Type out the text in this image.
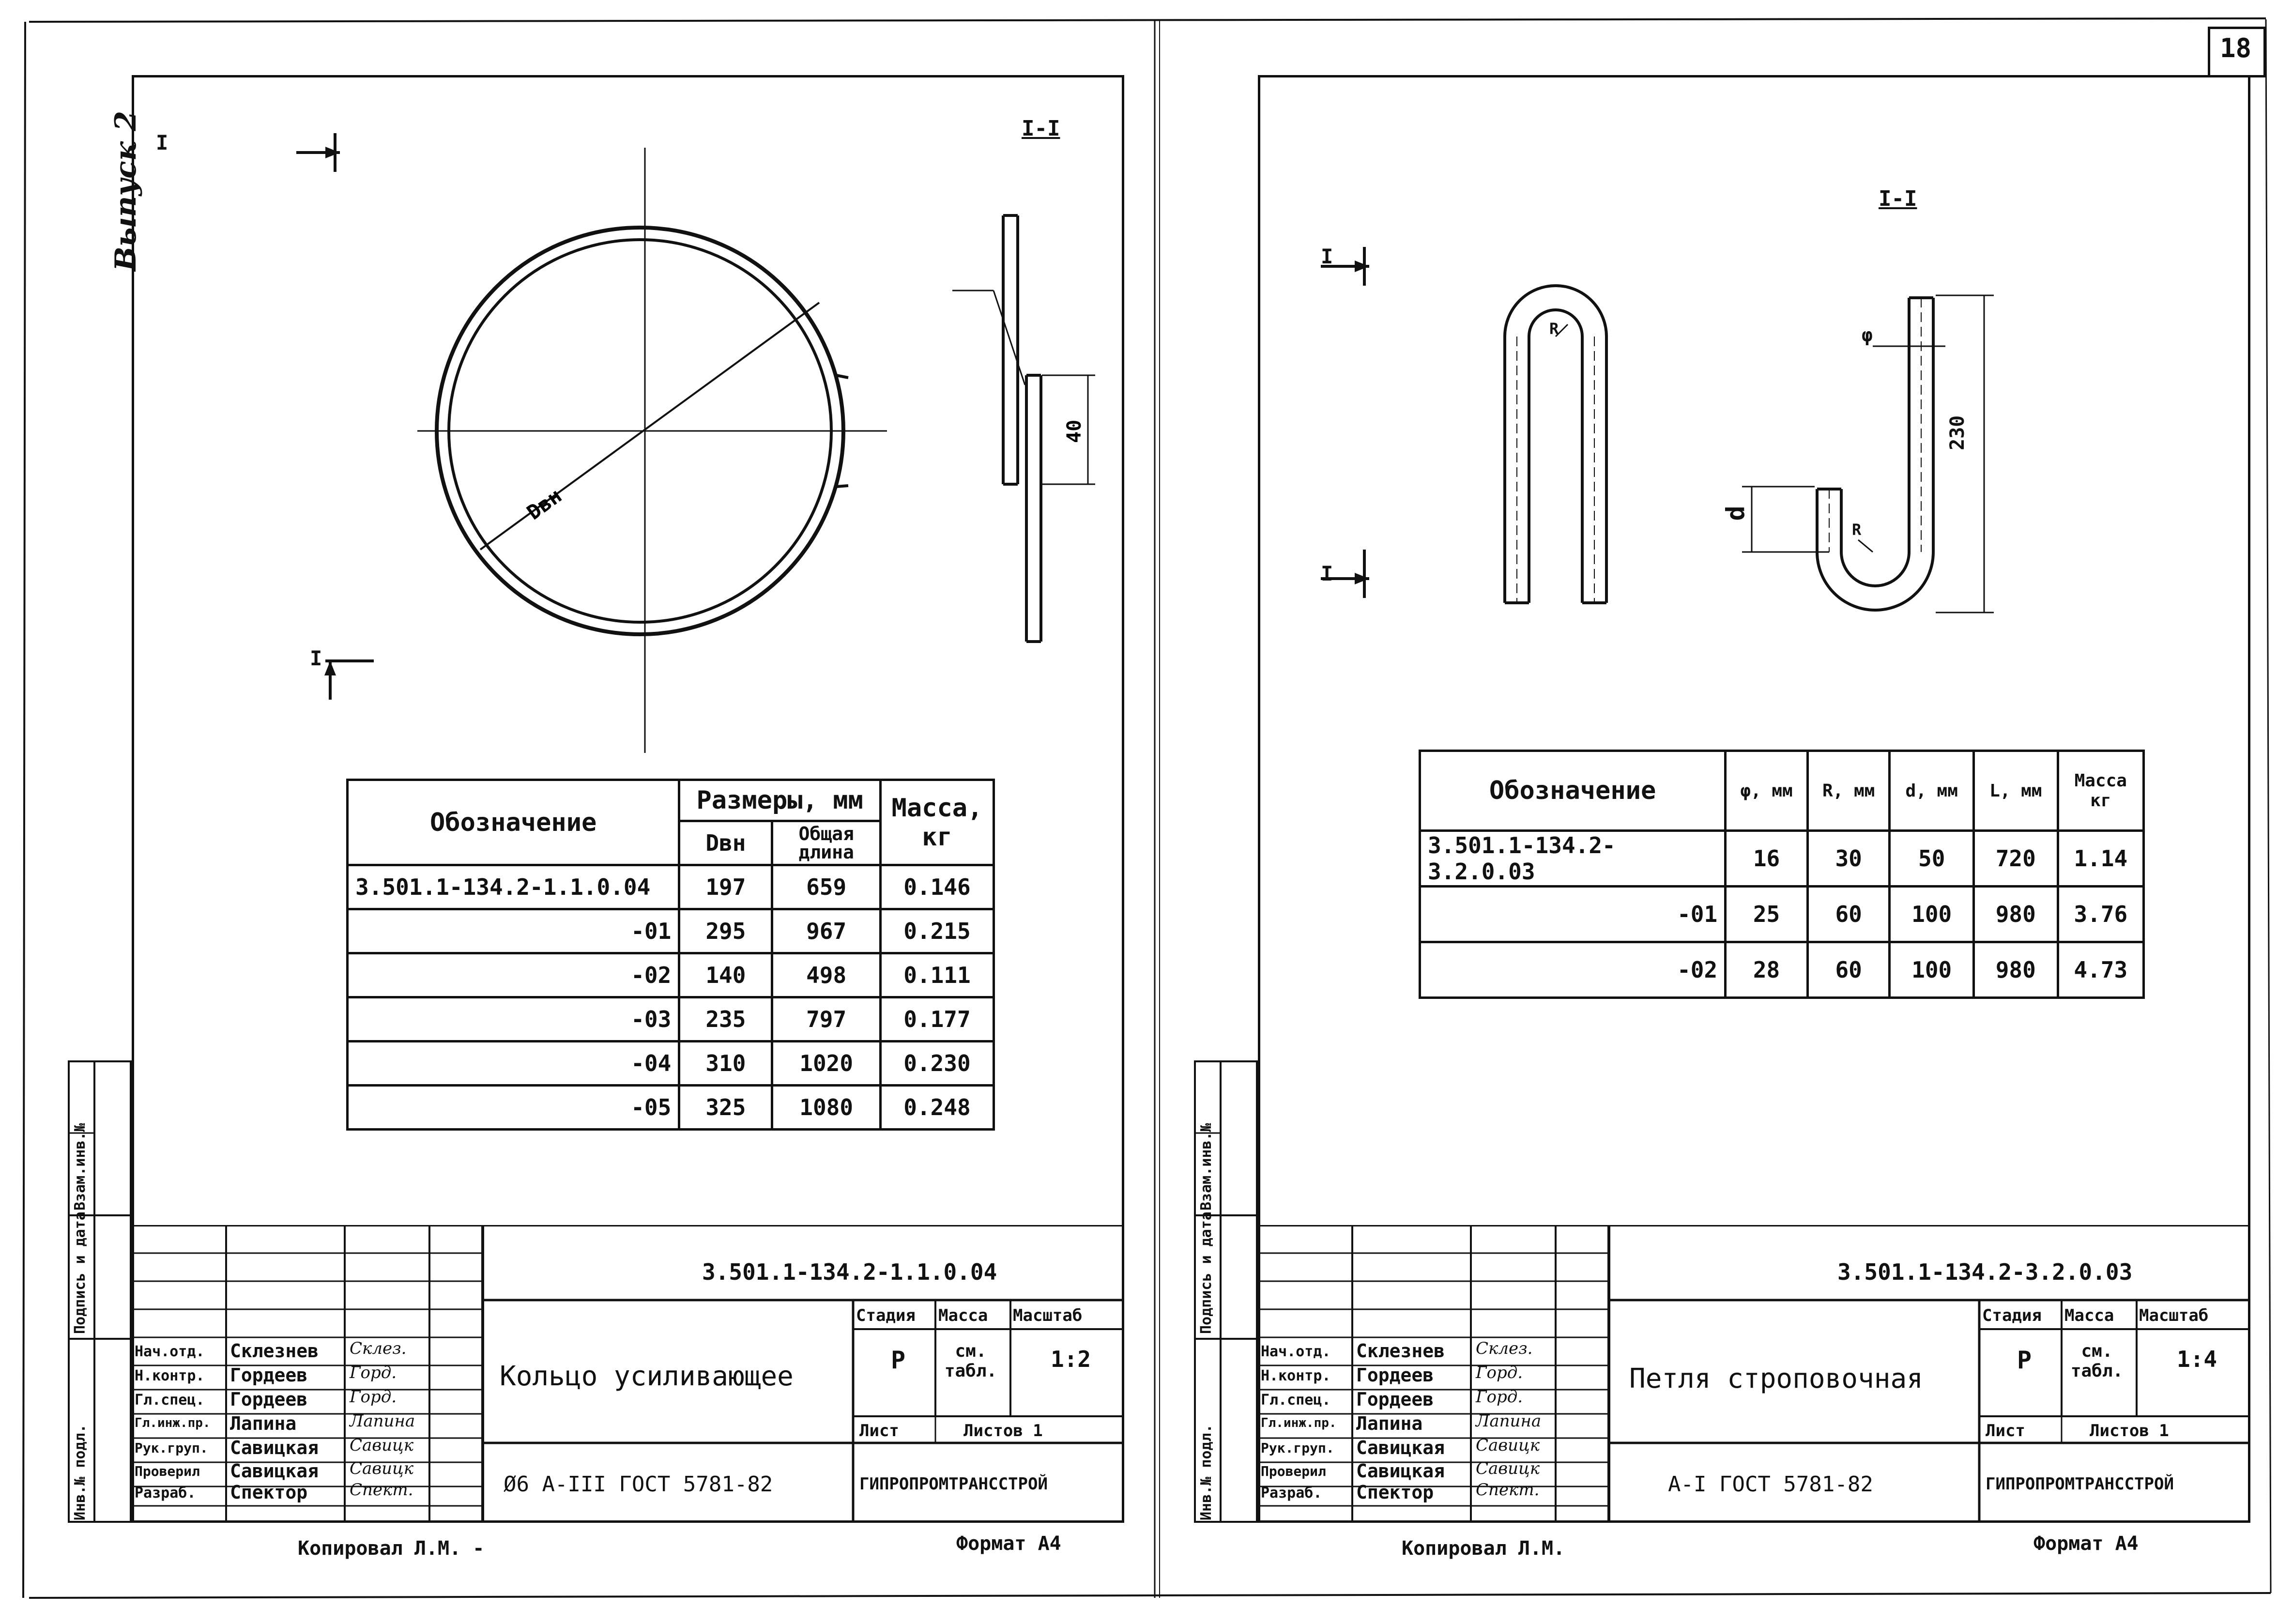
18
Выпуск 2
Dвн
40
I
I
I-I
Обозначение	Размеры, мм		Масса, кг
	Dвн	Общая длина	
3.501.1-134.2-1.1.0.04	197	659	0.146
-01	295	967	0.215
-02	140	498	0.111
-03	235	797	0.177
-04	310	1020	0.230
-05	325	1080	0.248
3.501.1-134.2-1.1.0.04
Кольцо усиливающее
Ø6 A-III ГОСТ 5781-82
Стадия Масса Масштаб
Р	см. табл. 1:2
Лист	Листов 1
ГИПРОПРОМТРАНССТРОЙ
Нач.отд. Склезнев
Н.контр. Гордеев
Гл.спец. Гордеев
Гл.инж.пр. Лапина
Рук.груп. Савицкая
Проверил Савицкая
Разраб. Спектор
Склез.
Горд.
Горд.
Лапина
Савицк
Савицк
Спект.
Копировал Л.М. -	Формат А4
Инв.№ подл.
Подпись и дата
Взам.инв.№
I
I
I-I
R
R
φ
d
230
Обозначение	φ, мм	R, мм	d, мм	L, мм	Масса кг
3.501.1-134.2-3.2.0.03	16	30	50	720	1.14
-01	25	60	100	980	3.76
-02	28	60	100	980	4.73
3.501.1-134.2-3.2.0.03
Петля строповочная
А-I ГОСТ 5781-82
Стадия Масса Масштаб
Р	см. табл. 1:4
Лист	Листов 1
ГИПРОПРОМТРАНССТРОЙ
Нач.отд. Склезнев
Н.контр. Гордеев
Гл.спец. Гордеев
Гл.инж.пр. Лапина
Рук.груп. Савицкая
Проверил Савицкая
Разраб. Спектор
Склез.
Горд.
Горд.
Лапина
Савицк
Савицк
Спект.
Копировал Л.М.	Формат А4
Инв.№ подл.
Подпись и дата
Взам.инв.№
